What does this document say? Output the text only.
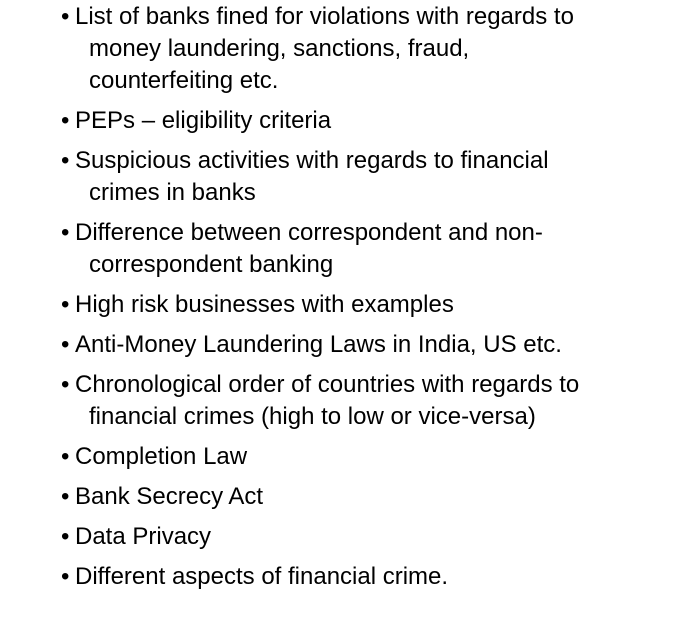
• List of banks fined for violations with regards to
money laundering, sanctions, fraud,
counterfeiting etc.
• PEPs – eligibility criteria
• Suspicious activities with regards to financial
crimes in banks
• Difference between correspondent and non-
correspondent banking
• High risk businesses with examples
• Anti-Money Laundering Laws in India, US etc.
• Chronological order of countries with regards to
financial crimes (high to low or vice-versa)
• Completion Law
• Bank Secrecy Act
• Data Privacy
• Different aspects of financial crime.
